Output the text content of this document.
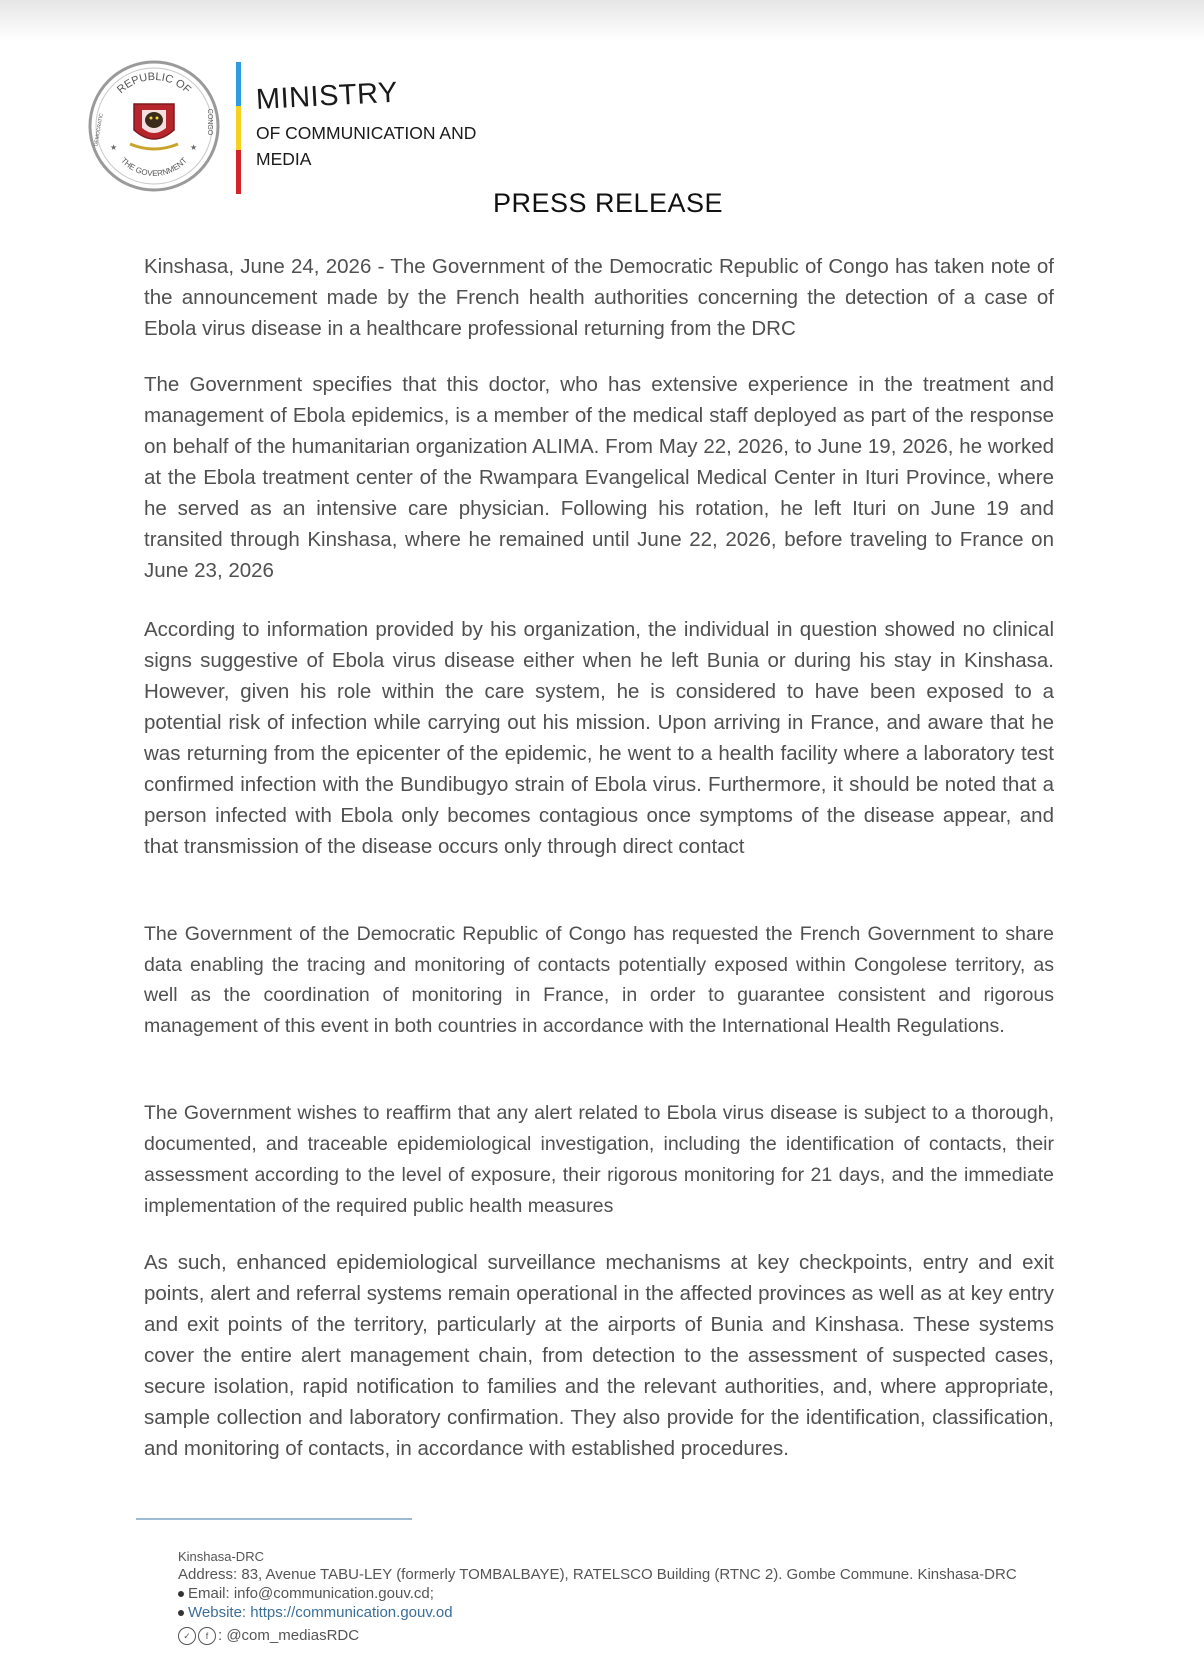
REPUBLIC OF
THE GOVERNMENT
DEMOCRATIC	CONGO
★	★
MINISTRY
OF COMMUNICATION AND MEDIA
PRESS RELEASE

Kinshasa, June 24, 2026 - The Government of the Democratic Republic of Congo has taken note of the announcement made by the French health authorities concerning the detection of a case of Ebola virus disease in a healthcare professional returning from the DRC

The Government specifies that this doctor, who has extensive experience in the treatment and management of Ebola epidemics, is a member of the medical staff deployed as part of the response on behalf of the humanitarian organization ALIMA. From May 22, 2026, to June 19, 2026, he worked at the Ebola treatment center of the Rwampara Evangelical Medical Center in Ituri Province, where he served as an intensive care physician. Following his rotation, he left Ituri on June 19 and transited through Kinshasa, where he remained until June 22, 2026, before traveling to France on June 23, 2026

According to information provided by his organization, the individual in question showed no clinical signs suggestive of Ebola virus disease either when he left Bunia or during his stay in Kinshasa. However, given his role within the care system, he is considered to have been exposed to a potential risk of infection while carrying out his mission. Upon arriving in France, and aware that he was returning from the epicenter of the epidemic, he went to a health facility where a laboratory test confirmed infection with the Bundibugyo strain of Ebola virus. Furthermore, it should be noted that a person infected with Ebola only becomes contagious once symptoms of the disease appear, and that transmission of the disease occurs only through direct contact

The Government of the Democratic Republic of Congo has requested the French Government to share data enabling the tracing and monitoring of contacts potentially exposed within Congolese territory, as well as the coordination of monitoring in France, in order to guarantee consistent and rigorous management of this event in both countries in accordance with the International Health Regulations.

The Government wishes to reaffirm that any alert related to Ebola virus disease is subject to a thorough, documented, and traceable epidemiological investigation, including the identification of contacts, their assessment according to the level of exposure, their rigorous monitoring for 21 days, and the immediate implementation of the required public health measures

As such, enhanced epidemiological surveillance mechanisms at key checkpoints, entry and exit points, alert and referral systems remain operational in the affected provinces as well as at key entry and exit points of the territory, particularly at the airports of Bunia and Kinshasa. These systems cover the entire alert management chain, from detection to the assessment of suspected cases, secure isolation, rapid notification to families and the relevant authorities, and, where appropriate, sample collection and laboratory confirmation. They also provide for the identification, classification, and monitoring of contacts, in accordance with established procedures.

Kinshasa-DRC
Address: 83, Avenue TABU-LEY (formerly TOMBALBAYE), RATELSCO Building (RTNC 2). Gombe Commune. Kinshasa-DRC
Email: info@communication.gouv.cd;
Website: https://communication.gouv.od
✓	f : @com_mediasRDC
